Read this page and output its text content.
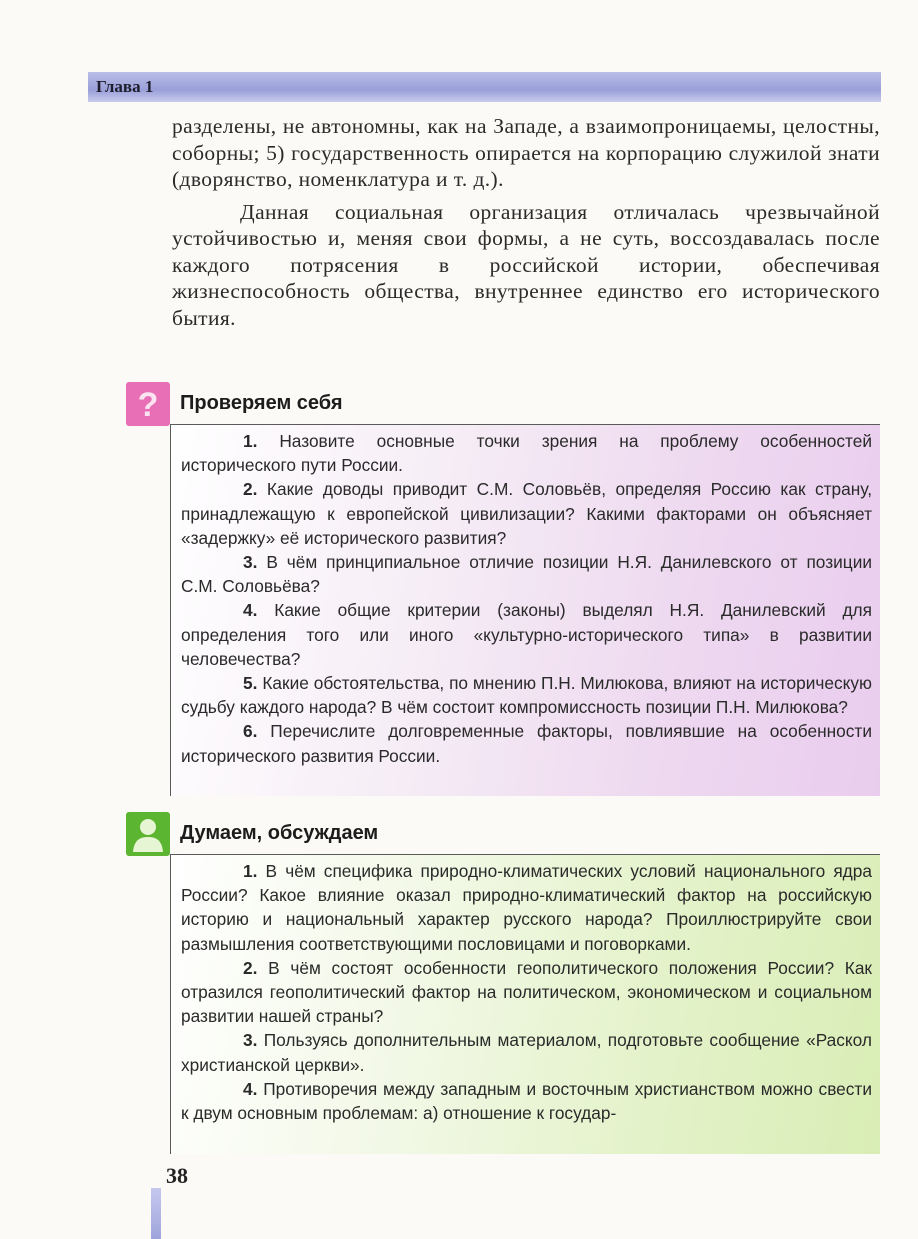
Глава 1

разделены, не автономны, как на Западе, а взаимопроницаемы, целостны, соборны; 5) государственность опирается на корпорацию служилой знати (дворянство, номенклатура и т. д.).

Данная социальная организация отличалась чрезвычайной устойчивостью и, меняя свои формы, а не суть, воссоздавалась после каждого потрясения в российской истории, обеспечивая жизнеспособность общества, внутреннее единство его исторического бытия.

? Проверяем себя

1. Назовите основные точки зрения на проблему особенностей исторического пути России.

2. Какие доводы приводит С.М. Соловьёв, определяя Россию как страну, принадлежащую к европейской цивилизации? Какими факторами он объясняет «задержку» её исторического развития?

3. В чём принципиальное отличие позиции Н.Я. Данилевского от позиции С.М. Соловьёва?

4. Какие общие критерии (законы) выделял Н.Я. Данилевский для определения того или иного «культурно-исторического типа» в развитии человечества?

5. Какие обстоятельства, по мнению П.Н. Милюкова, влияют на историческую судьбу каждого народа? В чём состоит компромиссность позиции П.Н. Милюкова?

6. Перечислите долговременные факторы, повлиявшие на особенности исторического развития России.

Думаем, обсуждаем

1. В чём специфика природно-климатических условий национального ядра России? Какое влияние оказал природно-климатический фактор на российскую историю и национальный характер русского народа? Проиллюстрируйте свои размышления соответствующими пословицами и поговорками.

2. В чём состоят особенности геополитического положения России? Как отразился геополитический фактор на политическом, экономическом и социальном развитии нашей страны?

3. Пользуясь дополнительным материалом, подготовьте сообщение «Раскол христианской церкви».

4. Противоречия между западным и восточным христианством можно свести к двум основным проблемам: а) отношение к государ-

38
